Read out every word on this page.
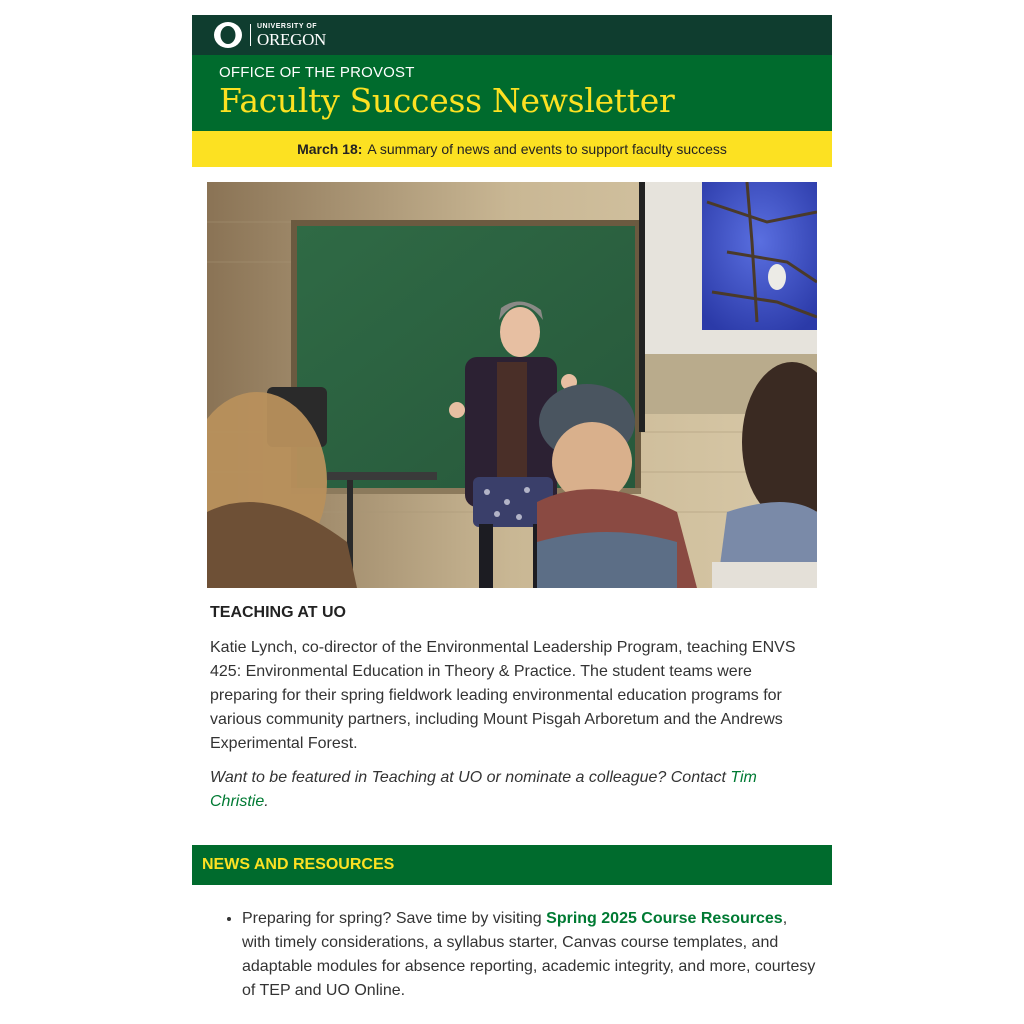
UNIVERSITY OF
OREGON
OFFICE OF THE PROVOST
Faculty Success Newsletter
March 18: A summary of news and events to support faculty success
TEACHING AT UO

Katie Lynch, co-director of the Environmental Leadership Program, teaching ENVS 425: Environmental Education in Theory & Practice. The student teams were preparing for their spring fieldwork leading environmental education programs for various community partners, including Mount Pisgah Arboretum and the Andrews Experimental Forest.

Want to be featured in Teaching at UO or nominate a colleague? Contact Tim Christie.

NEWS AND RESOURCES
• Preparing for spring? Save time by visiting Spring 2025 Course Resources, with timely considerations, a syllabus starter, Canvas course templates, and adaptable modules for absence reporting, academic integrity, and more, courtesy of TEP and UO Online.
